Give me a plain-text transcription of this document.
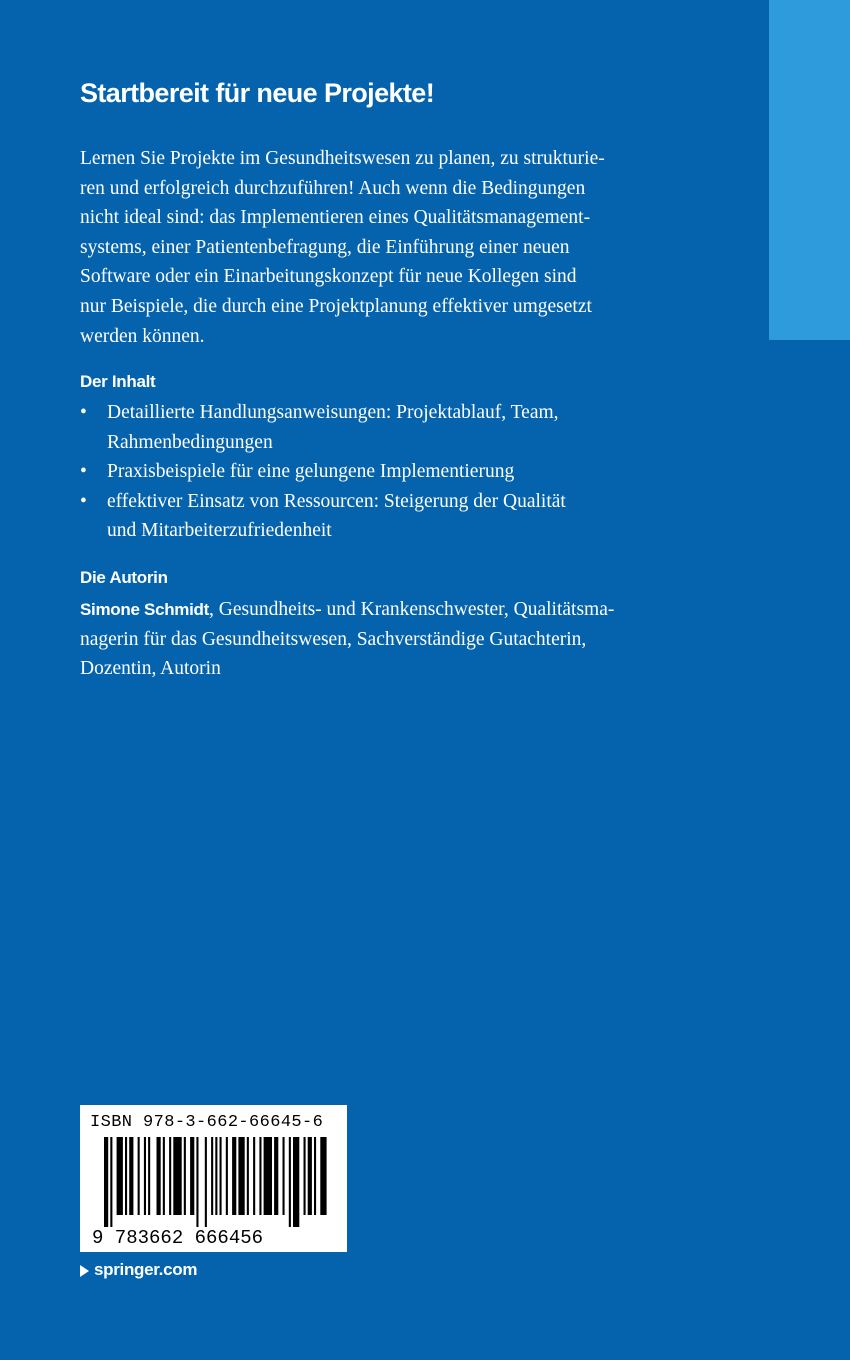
Startbereit für neue Projekte!

Lernen Sie Projekte im Gesundheitswesen zu planen, zu strukturie-
ren und erfolgreich durchzuführen! Auch wenn die Bedingungen
nicht ideal sind: das Implementieren eines Qualitätsmanagement-
systems, einer Patientenbefragung, die Einführung einer neuen
Software oder ein Einarbeitungskonzept für neue Kollegen sind
nur Beispiele, die durch eine Projektplanung effektiver umgesetzt
werden können.

Der Inhalt
• Detaillierte Handlungsanweisungen: Projektablauf, Team,
Rahmenbedingungen
• Praxisbeispiele für eine gelungene Implementierung
• effektiver Einsatz von Ressourcen: Steigerung der Qualität
und Mitarbeiterzufriedenheit
Die Autorin

Simone Schmidt, Gesundheits- und Krankenschwester, Qualitätsma-
nagerin für das Gesundheitswesen, Sachverständige Gutachterin,
Dozentin, Autorin

ISBN 978-3-662-66645-6
9 783662 666456
springer.com
